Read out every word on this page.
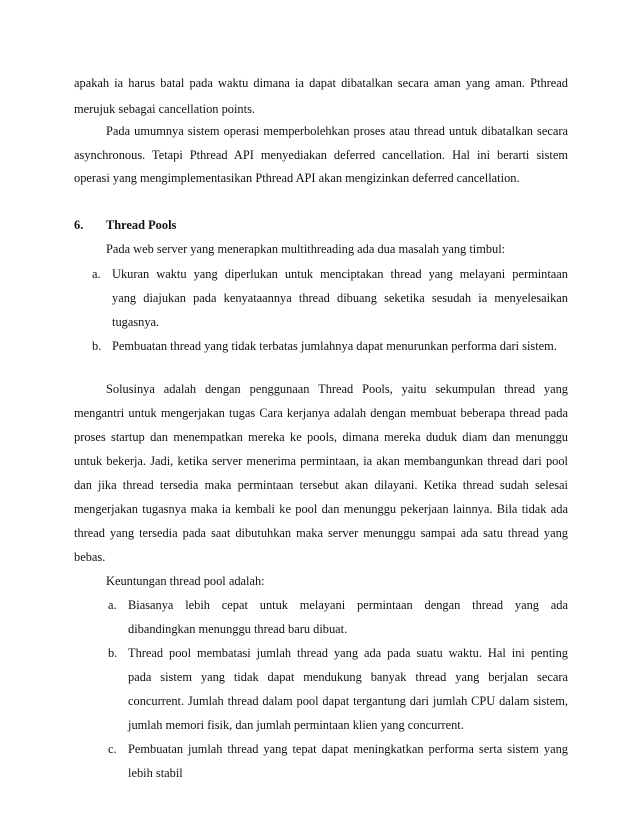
apakah ia harus batal pada waktu dimana ia dapat dibatalkan secara aman yang aman. Pthread
merujuk sebagai cancellation points.
Pada umumnya sistem operasi memperbolehkan proses atau thread untuk dibatalkan secara
asynchronous. Tetapi Pthread API menyediakan deferred cancellation. Hal ini berarti sistem
operasi yang mengimplementasikan Pthread API akan mengizinkan deferred cancellation.
6. Thread Pools
Pada web server yang menerapkan multithreading ada dua masalah yang timbul:
a. Ukuran waktu yang diperlukan untuk menciptakan thread yang melayani permintaan
yang diajukan pada kenyataannya thread dibuang seketika sesudah ia menyelesaikan
tugasnya.
b. Pembuatan thread yang tidak terbatas jumlahnya dapat menurunkan performa dari sistem.
Solusinya adalah dengan penggunaan Thread Pools, yaitu sekumpulan thread yang
mengantri untuk mengerjakan tugas Cara kerjanya adalah dengan membuat beberapa thread pada
proses startup dan menempatkan mereka ke pools, dimana mereka duduk diam dan menunggu
untuk bekerja. Jadi, ketika server menerima permintaan, ia akan membangunkan thread dari pool
dan jika thread tersedia maka permintaan tersebut akan dilayani. Ketika thread sudah selesai
mengerjakan tugasnya maka ia kembali ke pool dan menunggu pekerjaan lainnya. Bila tidak ada
thread yang tersedia pada saat dibutuhkan maka server menunggu sampai ada satu thread yang
bebas.
Keuntungan thread pool adalah:
a. Biasanya lebih cepat untuk melayani permintaan dengan thread yang ada
dibandingkan menunggu thread baru dibuat.
b. Thread pool membatasi jumlah thread yang ada pada suatu waktu. Hal ini penting
pada sistem yang tidak dapat mendukung banyak thread yang berjalan secara
concurrent. Jumlah thread dalam pool dapat tergantung dari jumlah CPU dalam sistem,
jumlah memori fisik, dan jumlah permintaan klien yang concurrent.
c. Pembuatan jumlah thread yang tepat dapat meningkatkan performa serta sistem yang
lebih stabil
